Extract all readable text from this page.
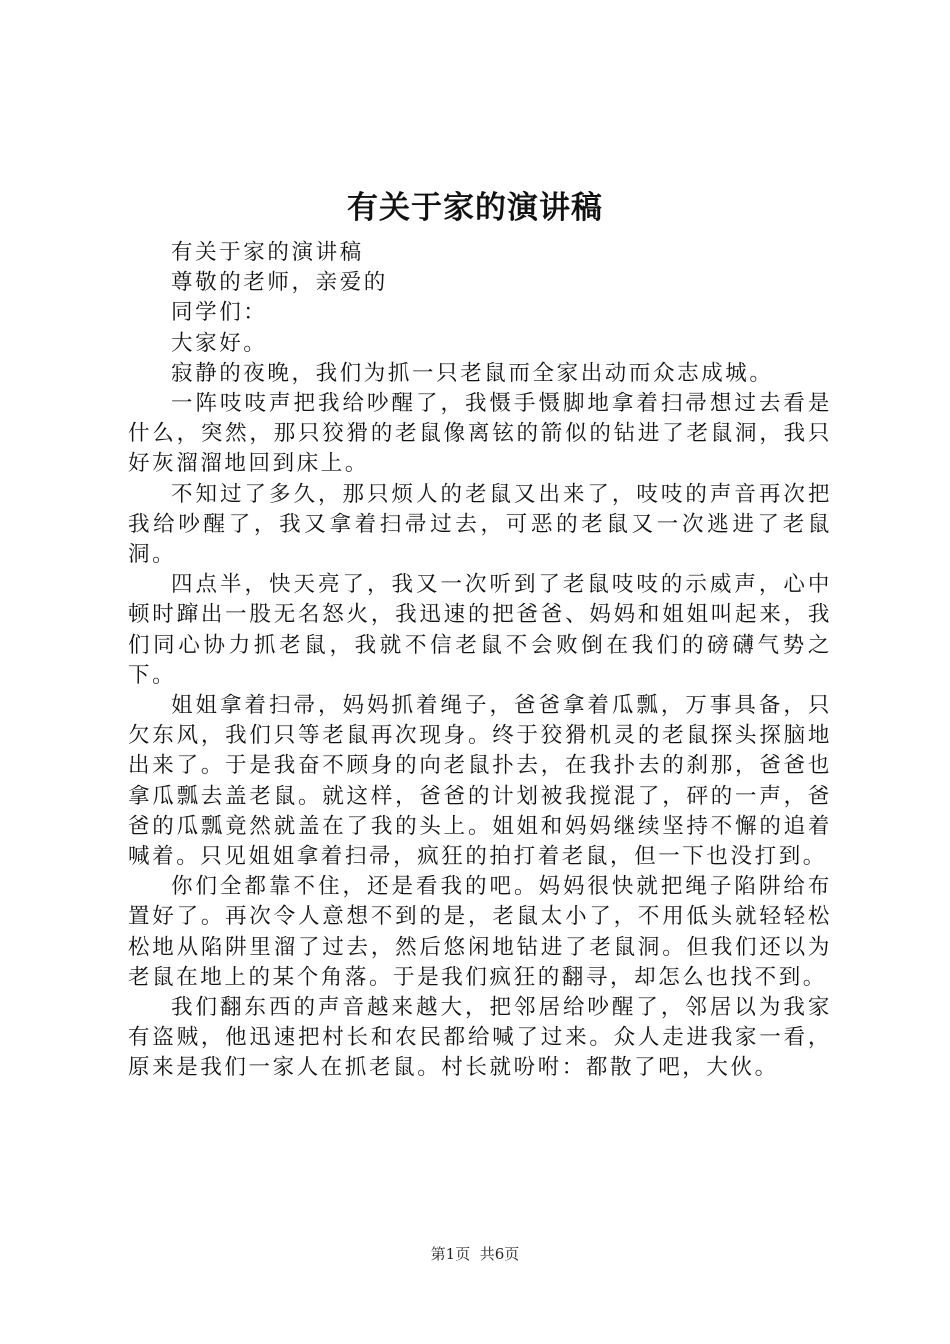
有关于家的演讲稿

有关于家的演讲稿

尊敬的老师，亲爱的

同学们：

大家好。

寂静的夜晚，我们为抓一只老鼠而全家出动而众志成城。

一阵吱吱声把我给吵醒了，我慑手慑脚地拿着扫帚想过去看是什么，突然，那只狡猾的老鼠像离铉的箭似的钻进了老鼠洞，我只好灰溜溜地回到床上。

不知过了多久，那只烦人的老鼠又出来了，吱吱的声音再次把我给吵醒了，我又拿着扫帚过去，可恶的老鼠又一次逃进了老鼠洞。

四点半，快天亮了，我又一次听到了老鼠吱吱的示威声，心中顿时蹿出一股无名怒火，我迅速的把爸爸、妈妈和姐姐叫起来，我们同心协力抓老鼠，我就不信老鼠不会败倒在我们的磅礴气势之下。

姐姐拿着扫帚，妈妈抓着绳子，爸爸拿着瓜瓢，万事具备，只欠东风，我们只等老鼠再次现身。终于狡猾机灵的老鼠探头探脑地出来了。于是我奋不顾身的向老鼠扑去，在我扑去的刹那，爸爸也拿瓜瓢去盖老鼠。就这样，爸爸的计划被我搅混了，砰的一声，爸爸的瓜瓢竟然就盖在了我的头上。姐姐和妈妈继续坚持不懈的追着喊着。只见姐姐拿着扫帚，疯狂的拍打着老鼠，但一下也没打到。

你们全都靠不住，还是看我的吧。妈妈很快就把绳子陷阱给布置好了。再次令人意想不到的是，老鼠太小了，不用低头就轻轻松松地从陷阱里溜了过去，然后悠闲地钻进了老鼠洞。但我们还以为老鼠在地上的某个角落。于是我们疯狂的翻寻，却怎么也找不到。

我们翻东西的声音越来越大，把邻居给吵醒了，邻居以为我家有盗贼，他迅速把村长和农民都给喊了过来。众人走进我家一看，原来是我们一家人在抓老鼠。村长就吩咐：都散了吧，大伙。

第1页 共6页
